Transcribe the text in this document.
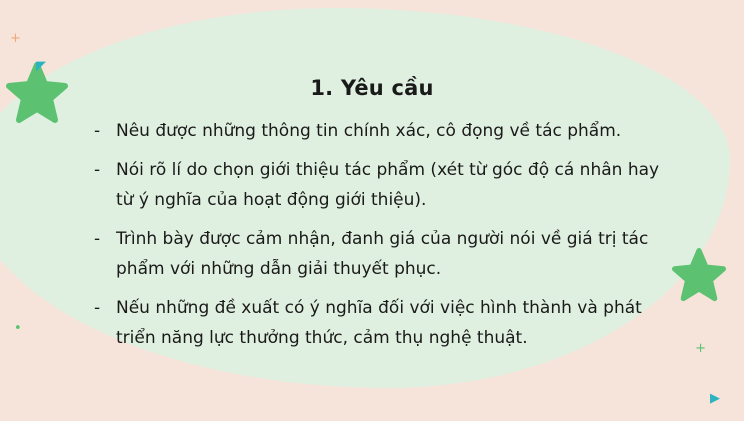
+
◤
+
▶
•
1. Yêu cầu
- Nêu được những thông tin chính xác, cô đọng về tác phẩm.
- Nói rõ lí do chọn giới thiệu tác phẩm (xét từ góc độ cá nhân hay từ ý nghĩa của hoạt động giới thiệu).
- Trình bày được cảm nhận, đanh giá của người nói về giá trị tác phẩm với những dẫn giải thuyết phục.
- Nếu những đề xuất có ý nghĩa đối với việc hình thành và phát triển năng lực thưởng thức, cảm thụ nghệ thuật.
